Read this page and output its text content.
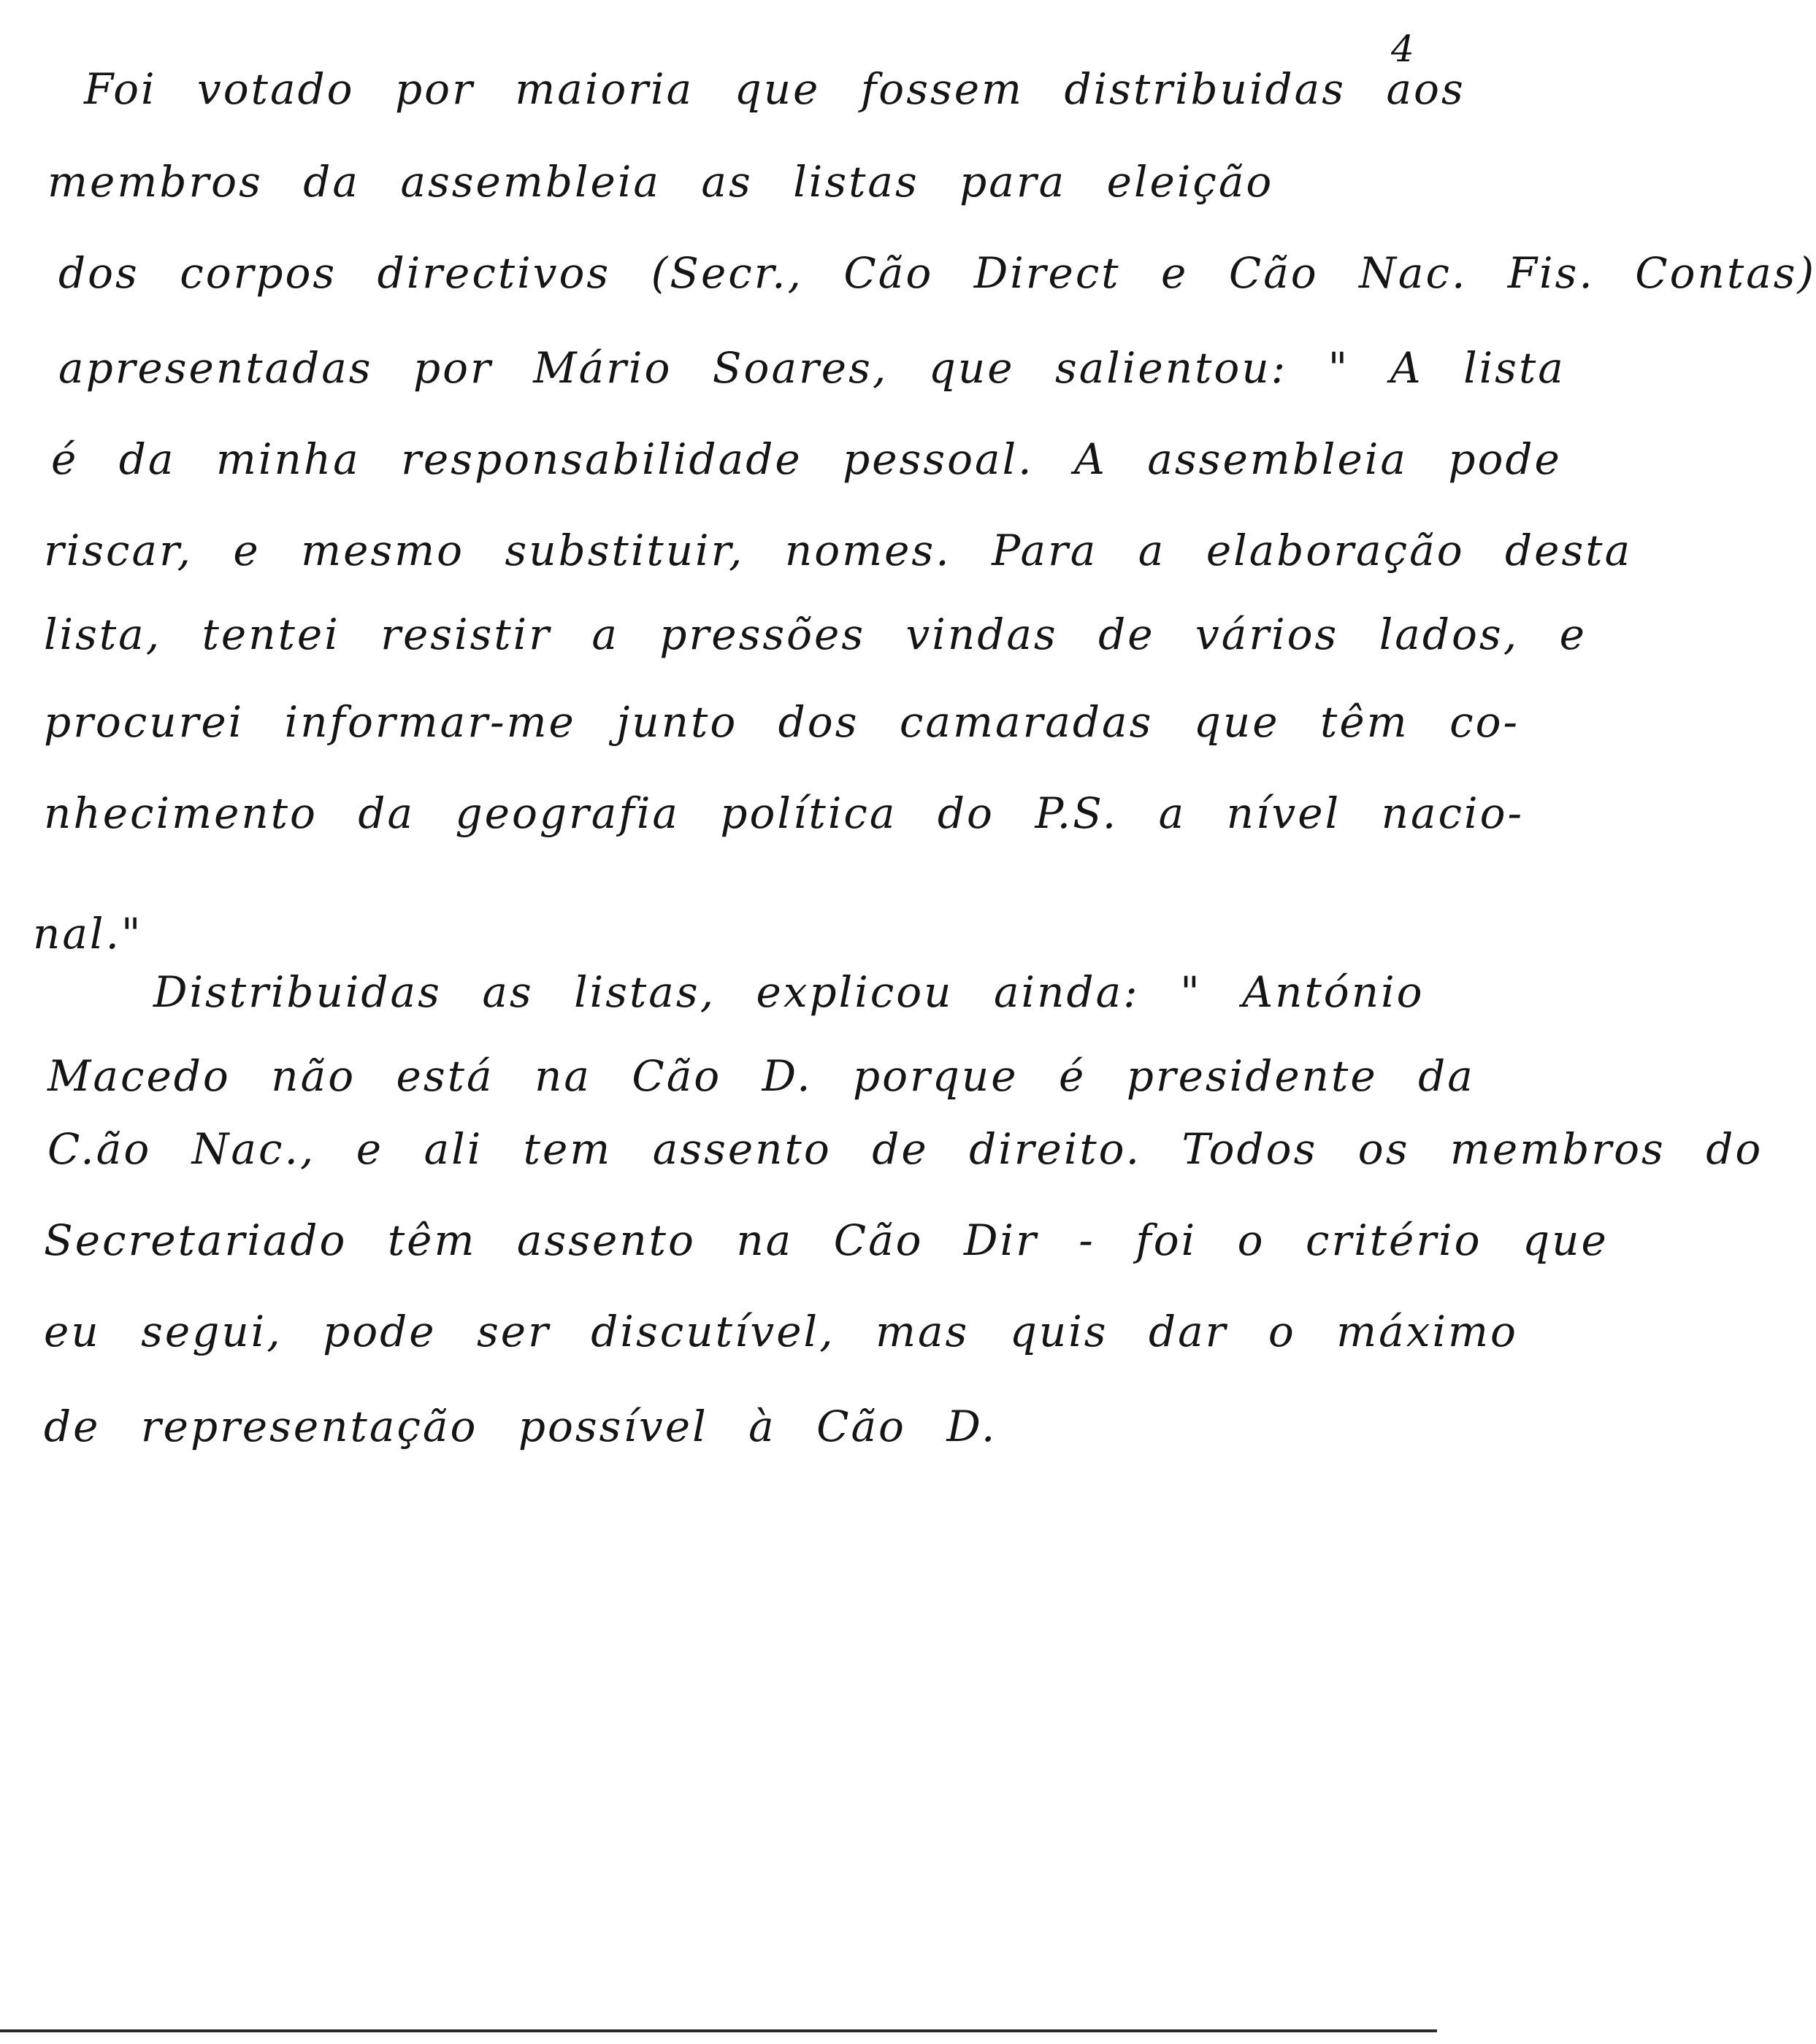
4
Foi votado por maioria que fossem distribuidas aos
membros da assembleia as listas para eleição
dos corpos directivos (Secr., Cão Direct e Cão Nac. Fis. Contas)
apresentadas por Mário Soares, que salientou: " A lista
é da minha responsabilidade pessoal. A assembleia pode
riscar, e mesmo substituir, nomes. Para a elaboração desta
lista, tentei resistir a pressões vindas de vários lados, e
procurei informar-me junto dos camaradas que têm co-
nhecimento da geografia política do P.S. a nível nacio-
nal."
Distribuidas as listas, explicou ainda: " António
Macedo não está na Cão D. porque é presidente da
C.ão Nac., e ali tem assento de direito. Todos os membros do
Secretariado têm assento na Cão Dir - foi o critério que
eu segui, pode ser discutível, mas quis dar o máximo
de representação possível à Cão D.
